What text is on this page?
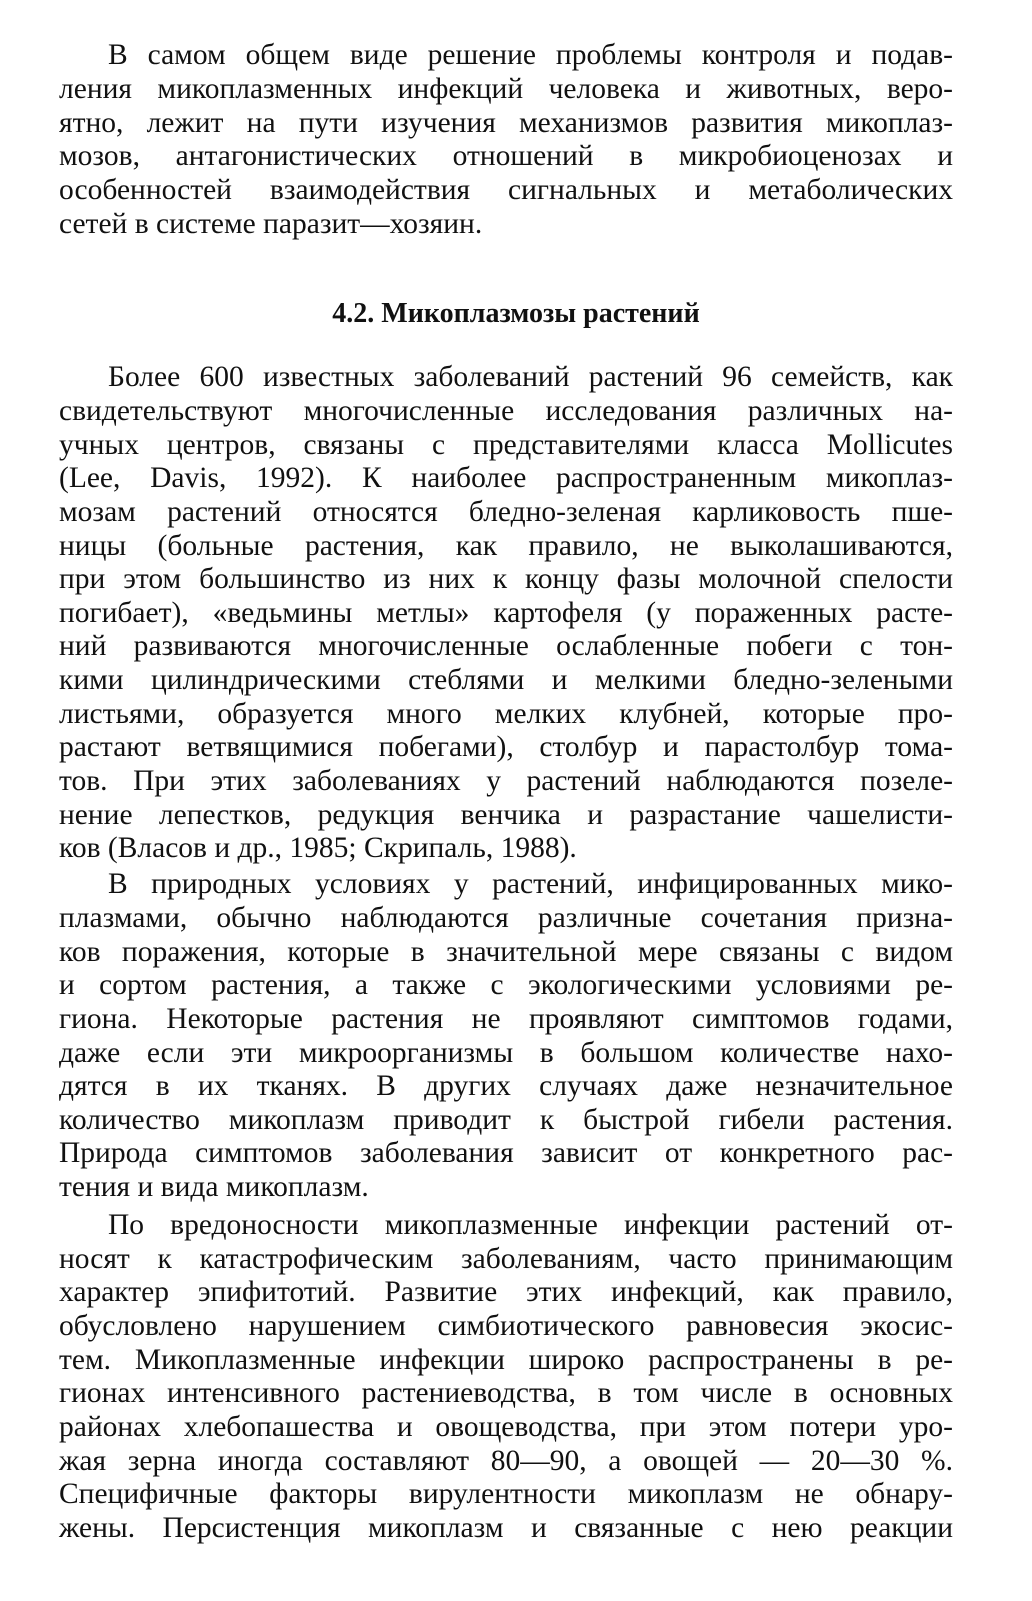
В самом общем виде решение проблемы контроля и подав-
ления микоплазменных инфекций человека и животных, веро-
ятно, лежит на пути изучения механизмов развития микоплаз-
мозов, антагонистических отношений в микробиоценозах и
особенностей взаимодействия сигнальных и метаболических
сетей в системе паразит—хозяин.
4.2. Микоплазмозы растений
Более 600 известных заболеваний растений 96 семейств, как
свидетельствуют многочисленные исследования различных на-
учных центров, связаны с представителями класса Mollicutes
(Lee, Davis, 1992). К наиболее распространенным микоплаз-
мозам растений относятся бледно-зеленая карликовость пше-
ницы (больные растения, как правило, не выколашиваются,
при этом большинство из них к концу фазы молочной спелости
погибает), «ведьмины метлы» картофеля (у пораженных расте-
ний развиваются многочисленные ослабленные побеги с тон-
кими цилиндрическими стеблями и мелкими бледно-зелеными
листьями, образуется много мелких клубней, которые про-
растают ветвящимися побегами), столбур и парастолбур тома-
тов. При этих заболеваниях у растений наблюдаются позеле-
нение лепестков, редукция венчика и разрастание чашелисти-
ков (Власов и др., 1985; Скрипаль, 1988).
В природных условиях у растений, инфицированных мико-
плазмами, обычно наблюдаются различные сочетания призна-
ков поражения, которые в значительной мере связаны с видом
и сортом растения, а также с экологическими условиями ре-
гиона. Некоторые растения не проявляют симптомов годами,
даже если эти микроорганизмы в большом количестве нахо-
дятся в их тканях. В других случаях даже незначительное
количество микоплазм приводит к быстрой гибели растения.
Природа симптомов заболевания зависит от конкретного рас-
тения и вида микоплазм.
По вредоносности микоплазменные инфекции растений от-
носят к катастрофическим заболеваниям, часто принимающим
характер эпифитотий. Развитие этих инфекций, как правило,
обусловлено нарушением симбиотического равновесия экосис-
тем. Микоплазменные инфекции широко распространены в ре-
гионах интенсивного растениеводства, в том числе в основных
районах хлебопашества и овощеводства, при этом потери уро-
жая зерна иногда составляют 80—90, а овощей — 20—30 %.
Специфичные факторы вирулентности микоплазм не обнару-
жены. Персистенция микоплазм и связанные с нею реакции
